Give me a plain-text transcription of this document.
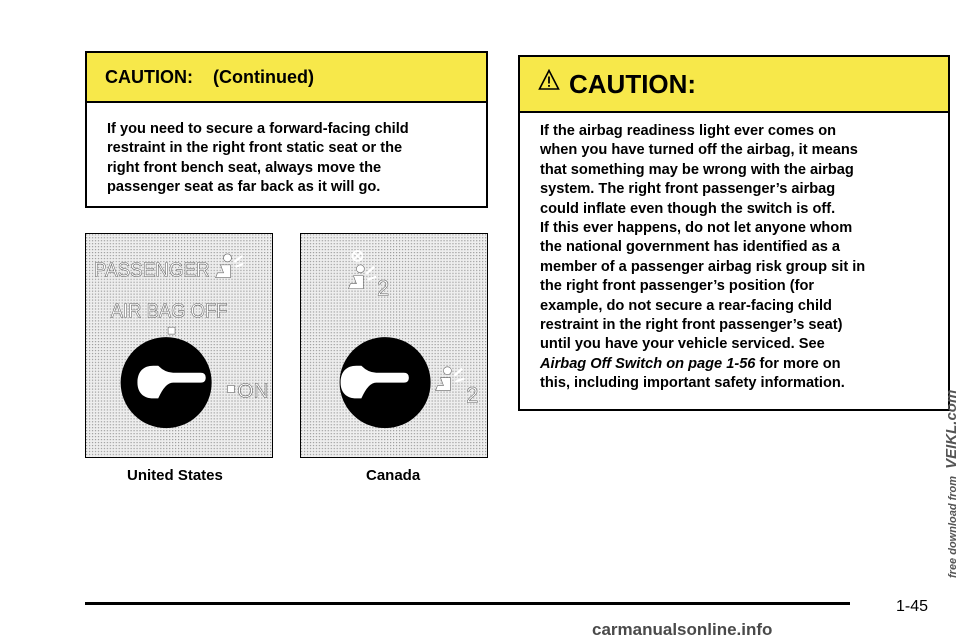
CAUTION:    (Continued)
If you need to secure a forward-facing child
restraint in the right front static seat or the
right front bench seat, always move the
passenger seat as far back as it will go.
CAUTION:
If the airbag readiness light ever comes on
when you have turned off the airbag, it means
that something may be wrong with the airbag
system. The right front passenger’s airbag
could inflate even though the switch is off.
If this ever happens, do not let anyone whom
the national government has identified as a
member of a passenger airbag risk group sit in
the right front passenger’s position (for
example, do not secure a rear-facing child
restraint in the right front passenger’s seat)
until you have your vehicle serviced. See
Airbag Off Switch on page 1-56 for more on
this, including important safety information.
PASSENGER
AIR BAG OFF
ON
2
2
United States	Canada
1-45
free download from VEIKL.com
carmanualsonline.info
